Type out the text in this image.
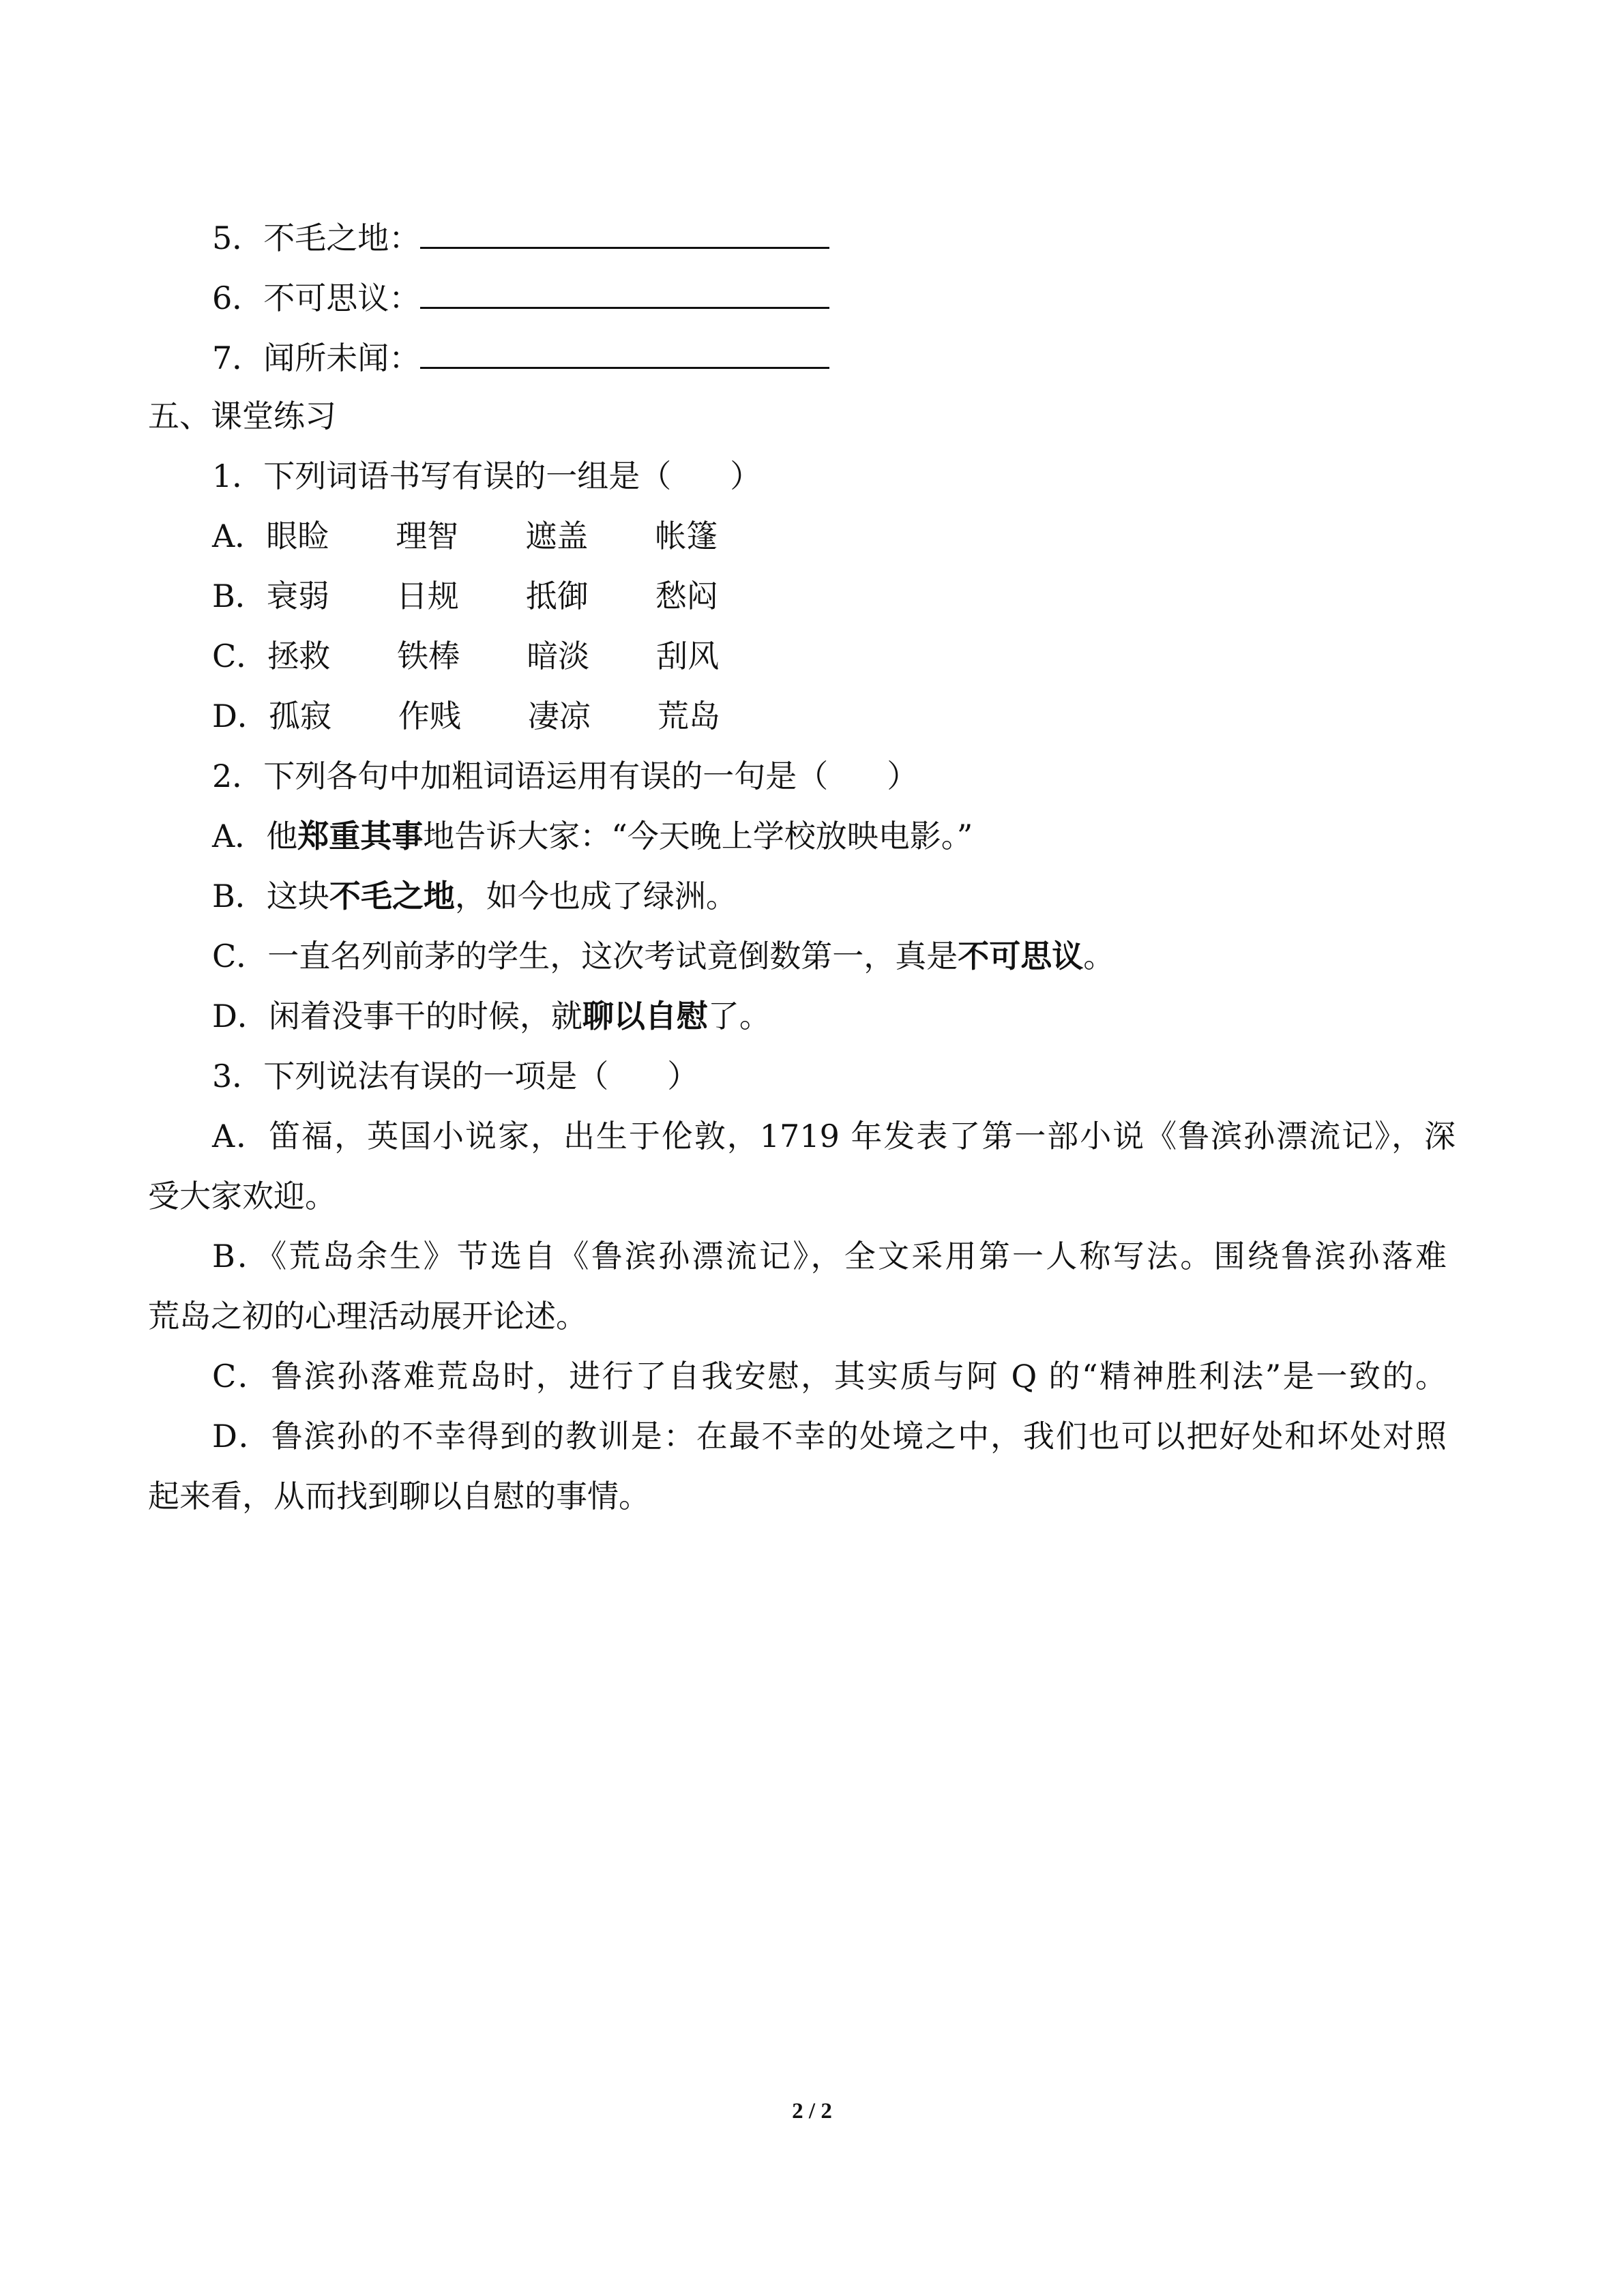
5．不毛之地：
6．不可思议：
7．闻所未闻：
五、课堂练习
1．下列词语书写有误的一组是（ ）
A．眼睑 理智 遮盖 帐篷
B．衰弱 日规 抵御 愁闷
C．拯救 铁棒 暗淡 刮风
D．孤寂 作贱 凄凉 荒岛
2．下列各句中加粗词语运用有误的一句是（ ）
A．他郑重其事地告诉大家：“今天晚上学校放映电影。”
B．这块不毛之地，如今也成了绿洲。
C．一直名列前茅的学生，这次考试竟倒数第一，真是不可思议。
D．闲着没事干的时候，就聊以自慰了。
3．下列说法有误的一项是（ ）
A．笛福，英国小说家，出生于伦敦，1719 年发表了第一部小说《鲁滨孙漂流记》，深
受大家欢迎。
B．《荒岛余生》节选自《鲁滨孙漂流记》，全文采用第一人称写法。围绕鲁滨孙落难
荒岛之初的心理活动展开论述。
C．鲁滨孙落难荒岛时，进行了自我安慰，其实质与阿 Q 的“精神胜利法”是一致的。
D．鲁滨孙的不幸得到的教训是：在最不幸的处境之中，我们也可以把好处和坏处对照
起来看，从而找到聊以自慰的事情。
2 / 2
